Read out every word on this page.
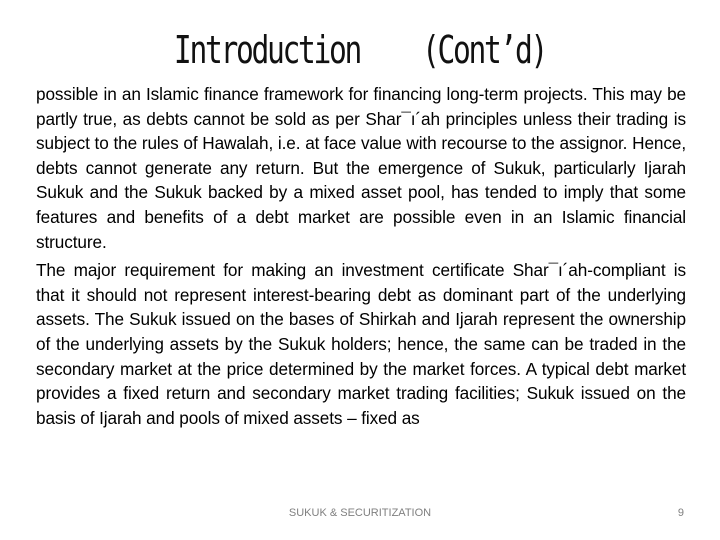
Introduction    (Cont’d)

possible in an Islamic finance framework for financing long-term projects. This may be partly true, as debts cannot be sold as per Shar¯ı´ah principles unless their trading is subject to the rules of Hawalah, i.e. at face value with recourse to the assignor. Hence, debts cannot generate any return. But the emergence of Sukuk, particularly Ijarah Sukuk and the Sukuk backed by a mixed asset pool, has tended to imply that some features and benefits of a debt market are possible even in an Islamic financial structure.

The major requirement for making an investment certificate Shar¯ı´ah-compliant is that it should not represent interest-bearing debt as dominant part of the underlying assets. The Sukuk issued on the bases of Shirkah and Ijarah represent the ownership of the underlying assets by the Sukuk holders; hence, the same can be traded in the secondary market at the price determined by the market forces. A typical debt market provides a fixed return and secondary market trading facilities; Sukuk issued on the basis of Ijarah and pools of mixed assets – fixed as

SUKUK & SECURITIZATION	9
